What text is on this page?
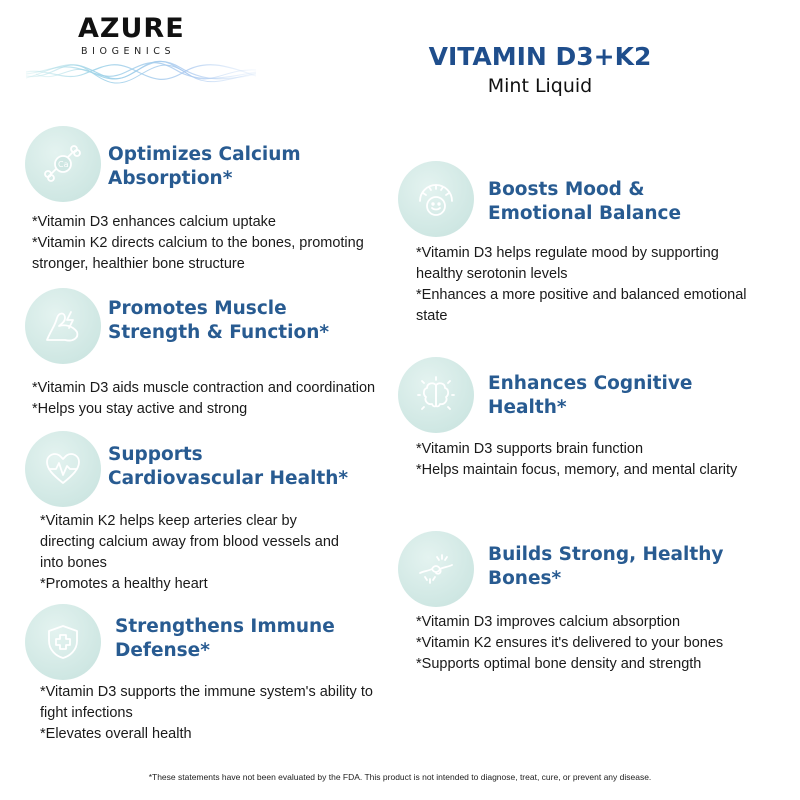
AZURE
BIOGENICS	VITAMIN D3+K2
Mint Liquid
Ca Optimizes Calcium
Absorption*
*Vitamin D3 enhances calcium uptake
*Vitamin K2 directs calcium to the bones, promoting
stronger, healthier bone structure
Promotes Muscle
Strength & Function*
*Vitamin D3 aids muscle contraction and coordination
*Helps you stay active and strong
Supports
Cardiovascular Health*
*Vitamin K2 helps keep arteries clear by
directing calcium away from blood vessels and
into bones
*Promotes a healthy heart
Strengthens Immune
Defense*
*Vitamin D3 supports the immune system's ability to
fight infections
*Elevates overall health
Boosts Mood &
Emotional Balance
*Vitamin D3 helps regulate mood by supporting
healthy serotonin levels
*Enhances a more positive and balanced emotional
state
Enhances Cognitive
Health*
*Vitamin D3 supports brain function
*Helps maintain focus, memory, and mental clarity
Builds Strong, Healthy
Bones*
*Vitamin D3 improves calcium absorption
*Vitamin K2 ensures it's delivered to your bones
*Supports optimal bone density and strength
*These statements have not been evaluated by the FDA. This product is not intended to diagnose, treat, cure, or prevent any disease.
